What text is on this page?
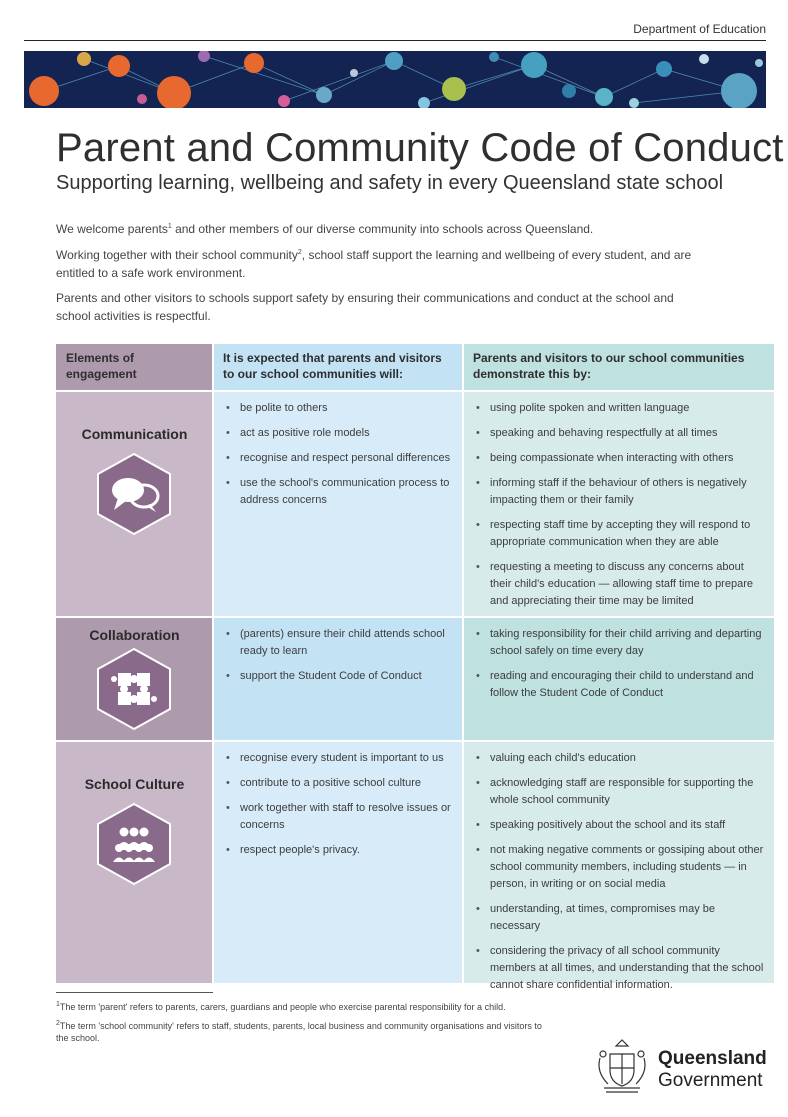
Department of Education
Parent and Community Code of Conduct
Supporting learning, wellbeing and safety in every Queensland state school

We welcome parents$^1$ and other members of our diverse community into schools across Queensland.

Working together with their school community$^2$, school staff support the learning and wellbeing of every student, and are entitled to a safe work environment.

Parents and other visitors to schools support safety by ensuring their communications and conduct at the school and school activities is respectful.

Elements of engagement
It is expected that parents and visitors to our school communities will:
Parents and visitors to our school communities demonstrate this by:
Communication
Collaboration
School Culture
• be polite to others
• act as positive role models
• recognise and respect personal differences
• use the school's communication process to address concerns
• using polite spoken and written language
• speaking and behaving respectfully at all times
• being compassionate when interacting with others
• informing staff if the behaviour of others is negatively impacting them or their family
• respecting staff time by accepting they will respond to appropriate communication when they are able
• requesting a meeting to discuss any concerns about their child's education — allowing staff time to prepare and appreciating their time may be limited
• (parents) ensure their child attends school ready to learn
• support the Student Code of Conduct
• taking responsibility for their child arriving and departing school safely on time every day
• reading and encouraging their child to understand and follow the Student Code of Conduct
• recognise every student is important to us
• contribute to a positive school culture
• work together with staff to resolve issues or concerns
• respect people's privacy.
• valuing each child's education
• acknowledging staff are responsible for supporting the whole school community
• speaking positively about the school and its staff
• not making negative comments or gossiping about other school community members, including students — in person, in writing or on social media
• understanding, at times, compromises may be necessary
• considering the privacy of all school community members at all times, and understanding that the school cannot share confidential information.

$^1$The term 'parent' refers to parents, carers, guardians and people who exercise parental responsibility for a child.

$^2$The term 'school community' refers to staff, students, parents, local business and community organisations and visitors to the school.

Queensland
Government
